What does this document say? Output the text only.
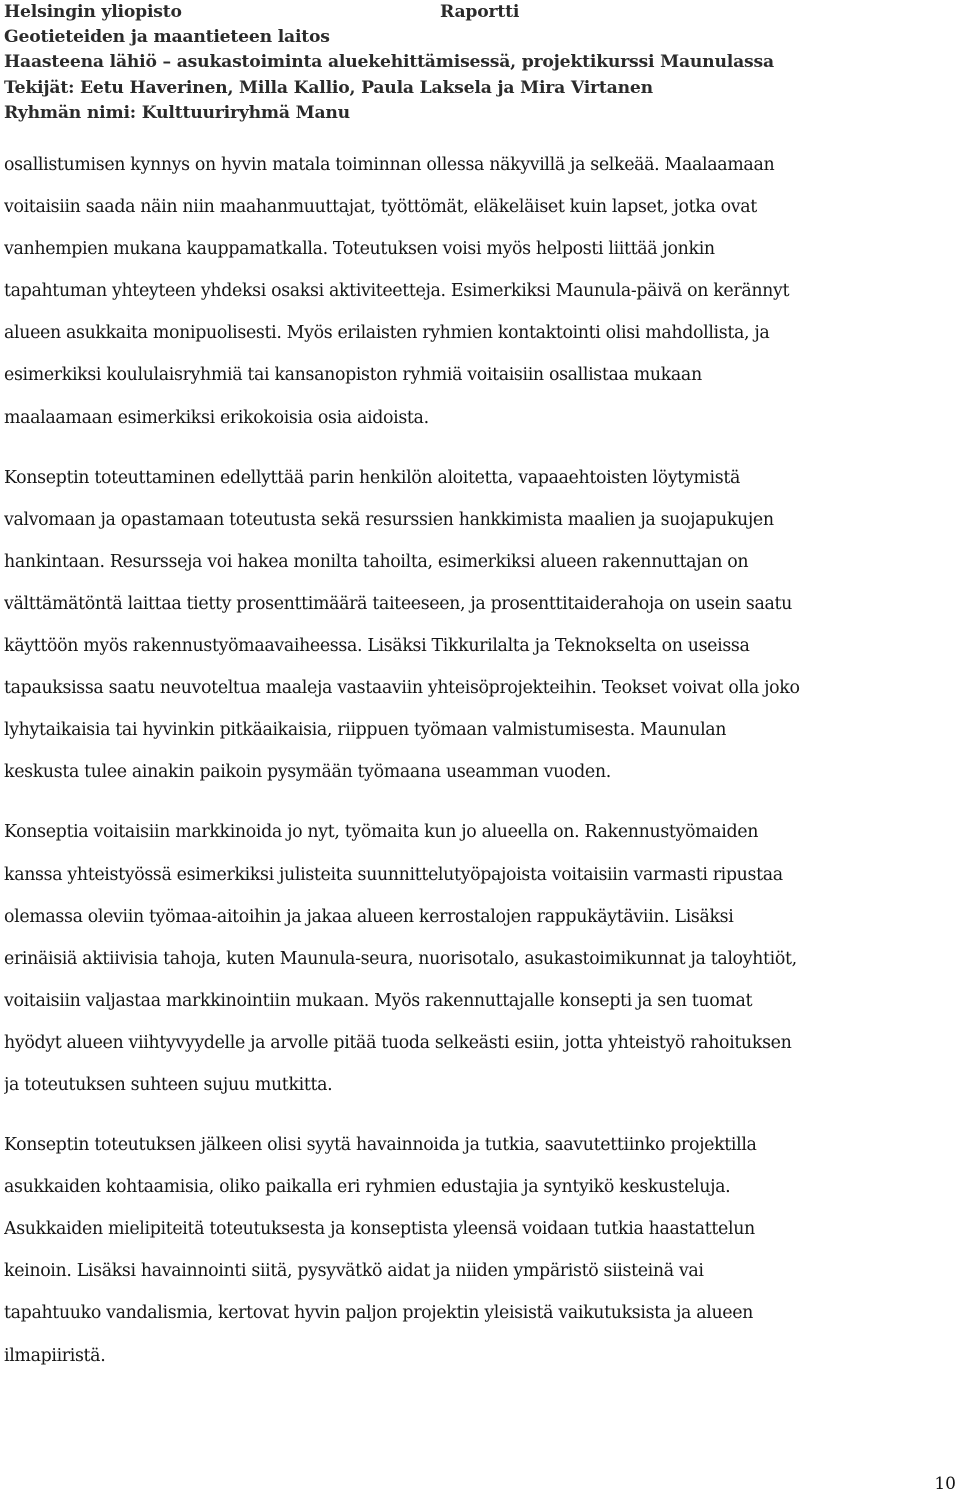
Helsingin yliopisto	Raportti
Geotieteiden ja maantieteen laitos
Haasteena lähiö – asukastoiminta aluekehittämisessä, projektikurssi Maunulassa
Tekijät: Eetu Haverinen, Milla Kallio, Paula Laksela ja Mira Virtanen
Ryhmän nimi: Kulttuuriryhmä Manu
osallistumisen kynnys on hyvin matala toiminnan ollessa näkyvillä ja selkeää. Maalaamaan
voitaisiin saada näin niin maahanmuuttajat, työttömät, eläkeläiset kuin lapset, jotka ovat
vanhempien mukana kauppamatkalla. Toteutuksen voisi myös helposti liittää jonkin
tapahtuman yhteyteen yhdeksi osaksi aktiviteetteja. Esimerkiksi Maunula-päivä on kerännyt
alueen asukkaita monipuolisesti. Myös erilaisten ryhmien kontaktointi olisi mahdollista, ja
esimerkiksi koululaisryhmiä tai kansanopiston ryhmiä voitaisiin osallistaa mukaan
maalaamaan esimerkiksi erikokoisia osia aidoista.
Konseptin toteuttaminen edellyttää parin henkilön aloitetta, vapaaehtoisten löytymistä
valvomaan ja opastamaan toteutusta sekä resurssien hankkimista maalien ja suojapukujen
hankintaan. Resursseja voi hakea monilta tahoilta, esimerkiksi alueen rakennuttajan on
välttämätöntä laittaa tietty prosenttimäärä taiteeseen, ja prosenttitaiderahoja on usein saatu
käyttöön myös rakennustyömaavaiheessa. Lisäksi Tikkurilalta ja Teknokselta on useissa
tapauksissa saatu neuvoteltua maaleja vastaaviin yhteisöprojekteihin. Teokset voivat olla joko
lyhytaikaisia tai hyvinkin pitkäaikaisia, riippuen työmaan valmistumisesta. Maunulan
keskusta tulee ainakin paikoin pysymään työmaana useamman vuoden.
Konseptia voitaisiin markkinoida jo nyt, työmaita kun jo alueella on. Rakennustyömaiden
kanssa yhteistyössä esimerkiksi julisteita suunnittelutyöpajoista voitaisiin varmasti ripustaa
olemassa oleviin työmaa-aitoihin ja jakaa alueen kerrostalojen rappukäytäviin. Lisäksi
erinäisiä aktiivisia tahoja, kuten Maunula-seura, nuorisotalo, asukastoimikunnat ja taloyhtiöt,
voitaisiin valjastaa markkinointiin mukaan. Myös rakennuttajalle konsepti ja sen tuomat
hyödyt alueen viihtyvyydelle ja arvolle pitää tuoda selkeästi esiin, jotta yhteistyö rahoituksen
ja toteutuksen suhteen sujuu mutkitta.
Konseptin toteutuksen jälkeen olisi syytä havainnoida ja tutkia, saavutettiinko projektilla
asukkaiden kohtaamisia, oliko paikalla eri ryhmien edustajia ja syntyikö keskusteluja.
Asukkaiden mielipiteitä toteutuksesta ja konseptista yleensä voidaan tutkia haastattelun
keinoin. Lisäksi havainnointi siitä, pysyvätkö aidat ja niiden ympäristö siisteinä vai
tapahtuuko vandalismia, kertovat hyvin paljon projektin yleisistä vaikutuksista ja alueen
ilmapiiristä.
10
